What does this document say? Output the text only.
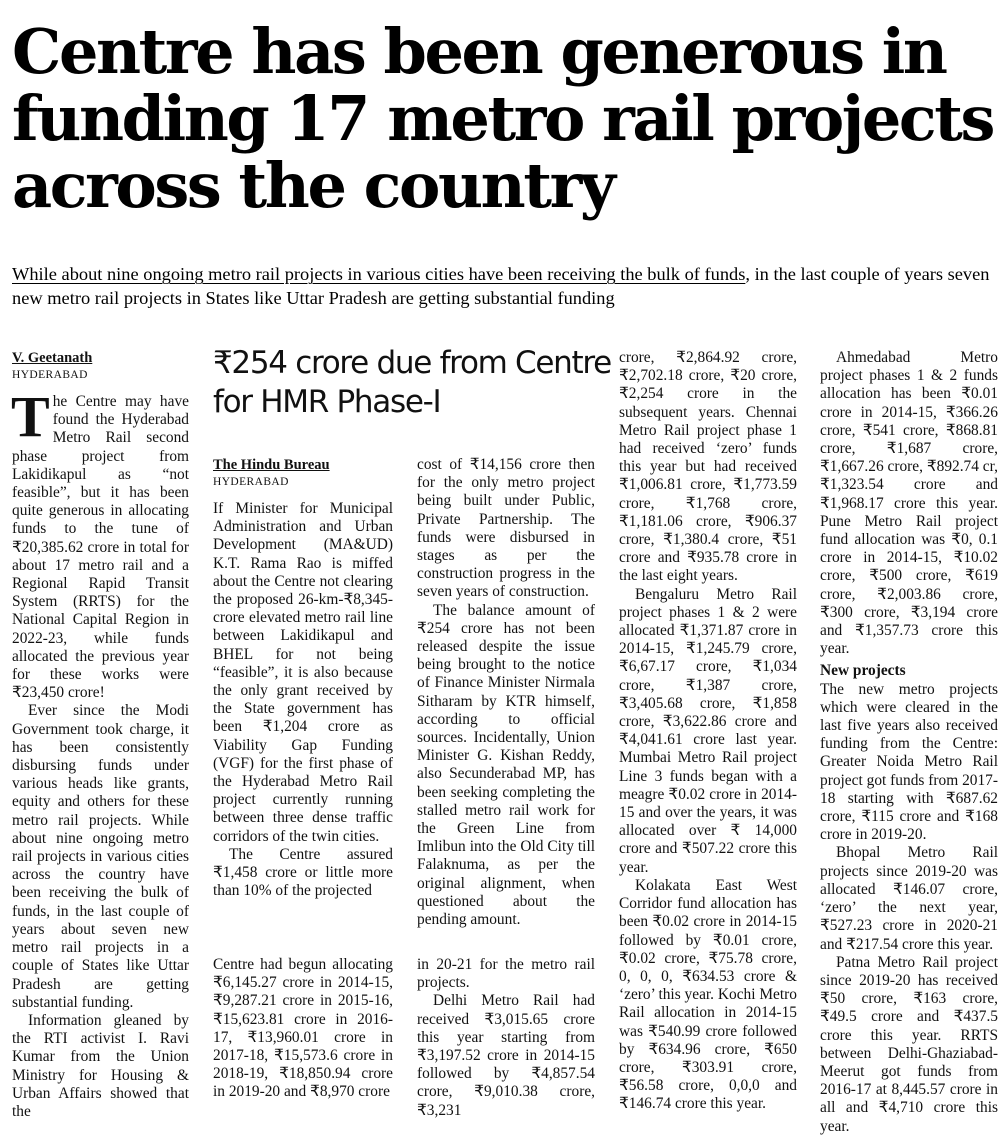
Centre has been generous in funding 17 metro rail projects across the country

While about nine ongoing metro rail projects in various cities have been receiving the bulk of funds, in the last couple of years seven new metro rail projects in States like Uttar Pradesh are getting substantial funding

V. Geetanath
HYDERABAD

The Centre may have found the Hyderabad Metro Rail second phase project from Lakidikapul as “not feasible”, but it has been quite generous in allocating funds to the tune of ₹20,385.62 crore in total for about 17 metro rail and a Regional Rapid Transit System (RRTS) for the National Capital Region in 2022-23, while funds allocated the previous year for these works were ₹23,450 crore!

Ever since the Modi Government took charge, it has been consistently disbursing funds under various heads like grants, equity and others for these metro rail projects. While about nine ongoing metro rail projects in various cities across the country have been receiving the bulk of funds, in the last couple of years about seven new metro rail projects in a couple of States like Uttar Pradesh are getting substantial funding.

Information gleaned by the RTI activist I. Ravi Kumar from the Union Ministry for Housing & Urban Affairs showed that the

₹254 crore due from Centre for HMR Phase-I
The Hindu Bureau
HYDERABAD

If Minister for Municipal Administration and Urban Development (MA&UD) K.T. Rama Rao is miffed about the Centre not clearing the proposed 26-km-₹8,345-crore elevated metro rail line between Lakidikapul and BHEL for not being “feasible”, it is also because the only grant received by the State government has been ₹1,204 crore as Viability Gap Funding (VGF) for the first phase of the Hyderabad Metro Rail project currently running between three dense traffic corridors of the twin cities.

The Centre assured ₹1,458 crore or little more than 10% of the projected

cost of ₹14,156 crore then for the only metro project being built under Public, Private Partnership. The funds were disbursed in stages as per the construction progress in the seven years of construction.

The balance amount of ₹254 crore has not been released despite the issue being brought to the notice of Finance Minister Nirmala Sitharam by KTR himself, according to official sources. Incidentally, Union Minister G. Kishan Reddy, also Secunderabad MP, has been seeking completing the stalled metro rail work for the Green Line from Imlibun into the Old City till Falaknuma, as per the original alignment, when questioned about the pending amount.

Centre had begun allocating ₹6,145.27 crore in 2014-15, ₹9,287.21 crore in 2015-16, ₹15,623.81 crore in 2016-17, ₹13,960.01 crore in 2017-18, ₹15,573.6 crore in 2018-19, ₹18,850.94 crore in 2019-20 and ₹8,970 crore

in 20-21 for the metro rail projects.

Delhi Metro Rail had received ₹3,015.65 crore this year starting from ₹3,197.52 crore in 2014-15 followed by ₹4,857.54 crore, ₹9,010.38 crore, ₹3,231

crore, ₹2,864.92 crore, ₹2,702.18 crore, ₹20 crore, ₹2,254 crore in the subsequent years. Chennai Metro Rail project phase 1 had received ‘zero’ funds this year but had received ₹1,006.81 crore, ₹1,773.59 crore, ₹1,768 crore, ₹1,181.06 crore, ₹906.37 crore, ₹1,380.4 crore, ₹51 crore and ₹935.78 crore in the last eight years.

Bengaluru Metro Rail project phases 1 & 2 were allocated ₹1,371.87 crore in 2014-15, ₹1,245.79 crore, ₹6,67.17 crore, ₹1,034 crore, ₹1,387 crore, ₹3,405.68 crore, ₹1,858 crore, ₹3,622.86 crore and ₹4,041.61 crore last year. Mumbai Metro Rail project Line 3 funds began with a meagre ₹0.02 crore in 2014-15 and over the years, it was allocated over ₹ 14,000 crore and ₹507.22 crore this year.

Kolakata East West Corridor fund allocation has been ₹0.02 crore in 2014-15 followed by ₹0.01 crore, ₹0.02 crore, ₹75.78 crore, 0, 0, 0, ₹634.53 crore & ‘zero’ this year. Kochi Metro Rail allocation in 2014-15 was ₹540.99 crore followed by ₹634.96 crore, ₹650 crore, ₹303.91 crore, ₹56.58 crore, 0,0,0 and ₹146.74 crore this year.

Ahmedabad Metro project phases 1 & 2 funds allocation has been ₹0.01 crore in 2014-15, ₹366.26 crore, ₹541 crore, ₹868.81 crore, ₹1,687 crore, ₹1,667.26 crore, ₹892.74 cr, ₹1,323.54 crore and ₹1,968.17 crore this year. Pune Metro Rail project fund allocation was ₹0, 0.1 crore in 2014-15, ₹10.02 crore, ₹500 crore, ₹619 crore, ₹2,003.86 crore, ₹300 crore, ₹3,194 crore and ₹1,357.73 crore this year.

New projects

The new metro projects which were cleared in the last five years also received funding from the Centre: Greater Noida Metro Rail project got funds from 2017-18 starting with ₹687.62 crore, ₹115 crore and ₹168 crore in 2019-20.

Bhopal Metro Rail projects since 2019-20 was allocated ₹146.07 crore, ‘zero’ the next year, ₹527.23 crore in 2020-21 and ₹217.54 crore this year.

Patna Metro Rail project since 2019-20 has received ₹50 crore, ₹163 crore, ₹49.5 crore and ₹437.5 crore this year. RRTS between Delhi-Ghaziabad-Meerut got funds from 2016-17 at 8,445.57 crore in all and ₹4,710 crore this year.
